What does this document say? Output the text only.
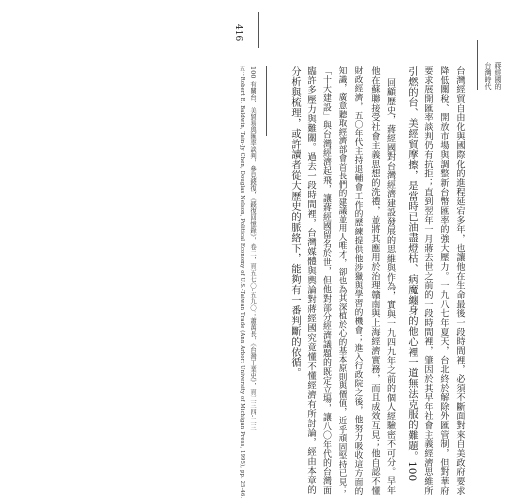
蔣經國的
台灣時代
416
台灣經貿自由化與國際化的進程延宕多年，也讓他在生命最後一段時間裡，必須不斷面對來自美政府要求
降低關稅、開放市場與調整新台幣匯率的強大壓力。一九八七年夏天，台北終於解除外匯管制，但對華府
要求展開匯率談判仍有抗拒；直到翌年一月蔣去世之前的一段時間裡，肇因於其早年社會主義經濟思維所
引燃的台、美經貿摩擦，是當時已油盡燈枯、病魔纏身的他心裡一道無法克服的難題。100
回顧歷史，蔣經國對台灣經濟建設發展的思維與作為，實與一九四九年之前的個人經驗密不可分。早年
他在蘇聯接受社會主義思想的洗禮，並將其應用於治理贛南與上海經濟實務，而且成效互見；他自認不懂
財政經濟，五〇年代主持退輔會工作的歷練提供他涉獵與學習的機會；進入行政院之後，他努力吸收這方面的
知識，廣意聽取經濟部會首長們的建議並用人唯才，卻也為其深植於心的基本原則與價值，近乎頑固堅持已見；
「十大建設」與台灣經濟起飛，讓蔣經國留名於世，但他對部分經濟議題的既定立場，讓八〇年代的台灣面
臨許多壓力與難關。過去一段時間裡，台灣媒體與輿論對蔣經國究竟懂不懂經濟有所討論，經由本章的
分析與梳理，或許讀者從大歷史的脈絡下，能夠有一番判斷的依循。
100 有關台、美貿易與匯率談判，參見錢復，《錢復回憶錄》，卷二，頁五七〇-五九〇；蕭萬長，《台灣工業史》，頁二三四-二三
五；Robert E. Baldwin, Tain-Jy Chen, Douglas Nelson, Political Economy of U.S.-Taiwan Trade (Ann Arbor: University of Michigan Press, 1995), pp. 25-46.
